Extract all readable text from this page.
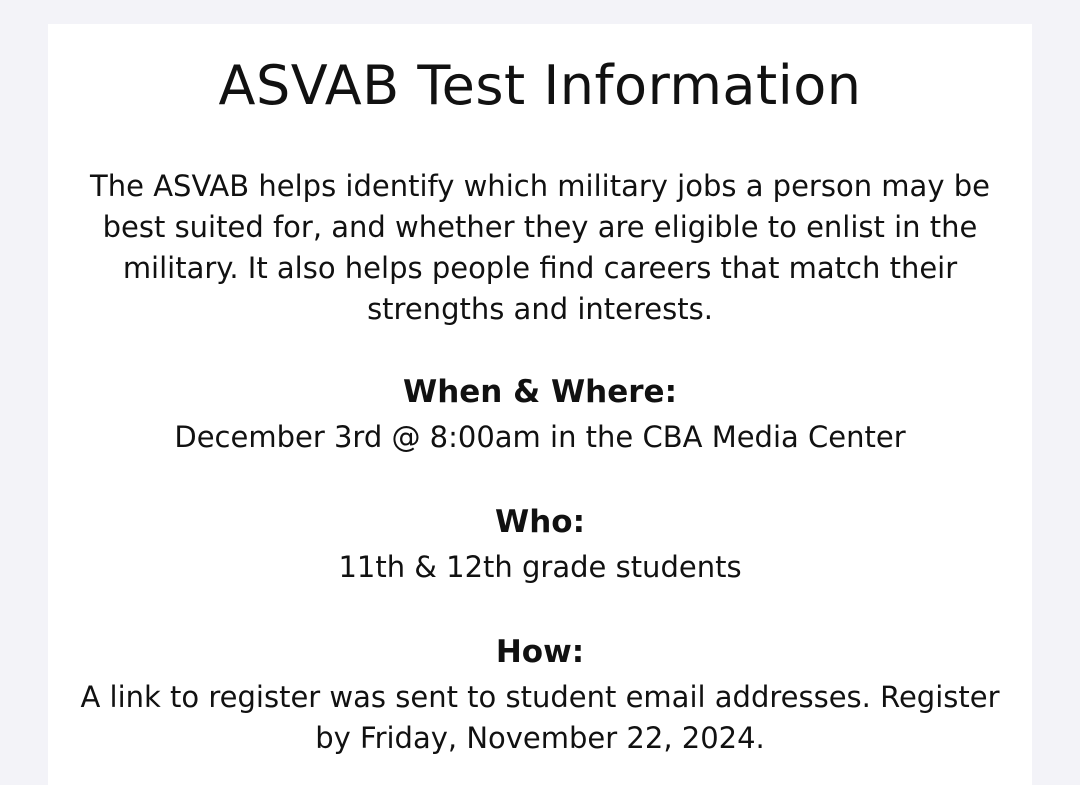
ASVAB Test Information

The ASVAB helps identify which military jobs a person may be best suited for, and whether they are eligible to enlist in the military. It also helps people find careers that match their strengths and interests.

When & Where:

December 3rd @ 8:00am in the CBA Media Center

Who:

11th & 12th grade students

How:

A link to register was sent to student email addresses. Register by Friday, November 22, 2024.
